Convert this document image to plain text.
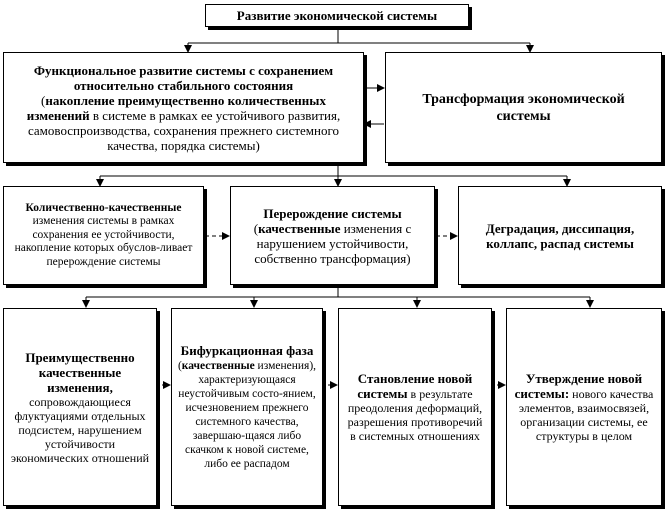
Развитие экономической системы
Функциональное развитие системы с сохранением относительно стабильного состояния
(накопление преимущественно количественных изменений в системе в рамках ее устойчивого развития, самовоспроизводства, сохранения прежнего системного качества, порядка системы)
Трансформация экономической системы
Количественно-качественные изменения системы в рамках сохранения ее устойчивости, накопление которых обуслов-ливает перерождение системы
Перерождение системы
(качественные изменения с нарушением устойчивости, собственно трансформация)
Деградация, диссипация, коллапс, распад системы
Преимущественно качественные изменения, сопровождающиеся флуктуациями отдельных подсистем, нарушением устойчивости экономических отношений
Бифуркационная фаза (качественные изменения), характеризующаяся неустойчивым состо-янием, исчезновением прежнего системного качества, завершаю-щаяся либо скачком к новой системе, либо ее распадом
Становление новой системы в результате преодоления деформаций, разрешения противоречий в системных отношениях
Утверждение новой системы: нового качества элементов, взаимосвязей, организации системы, ее структуры в целом
